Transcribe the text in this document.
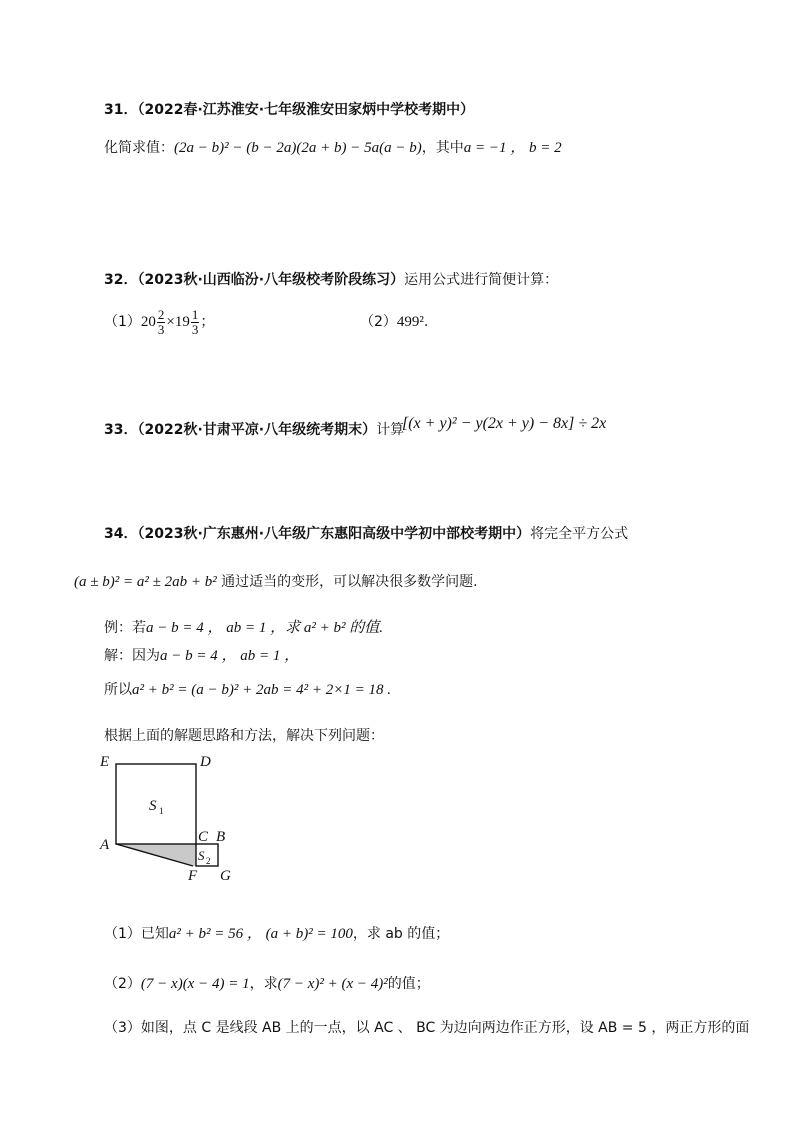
31．（2022春·江苏淮安·七年级淮安田家炳中学校考期中）
化简求值：(2a − b)² − (b − 2a)(2a + b) − 5a(a − b)，其中a = −1 ， b = 2
32．（2023秋·山西临汾·八年级校考阶段练习）运用公式进行简便计算：
$(1)20 \frac{2}{3} \times 19 \frac{1}{3}$ ；	（2）499².
33．（2022秋·甘肃平凉·八年级统考期末）计算
[(x + y)² − y(2x + y) − 8x] ÷ 2x
34．（2023秋·广东惠州·八年级广东惠阳高级中学初中部校考期中）将完全平方公式
(a ± b)² = a² ± 2ab + b² 通过适当的变形，可以解决很多数学问题.
例：若a − b = 4 ， ab = 1 ，求 a² + b² 的值.
解：因为a − b = 4 ， ab = 1 ，
所以a² + b² = (a − b)² + 2ab = 4² + 2×1 = 18 .
根据上面的解题思路和方法，解决下列问题：
E	D
C B
A
F G
S
S
1
2
（1）已知a² + b² = 56 ， (a + b)² = 100，求 ab 的值；
（2）(7 − x)(x − 4) = 1，求(7 − x)² + (x − 4)²的值；
（3）如图，点 C 是线段 AB 上的一点，以 AC 、 BC 为边向两边作正方形，设 AB = 5 ，两正方形的面
